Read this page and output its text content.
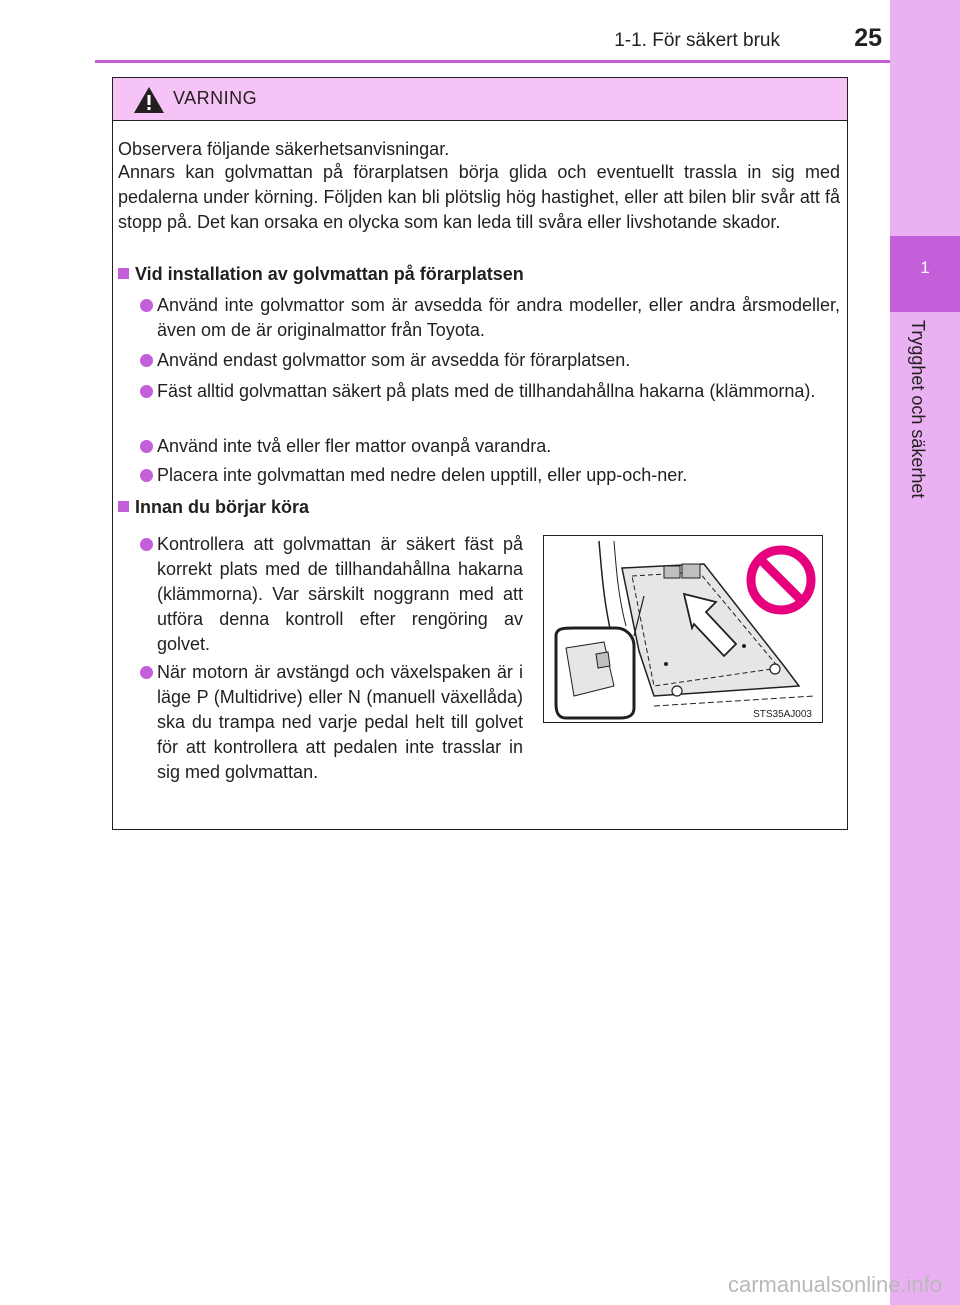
1
Trygghet och säkerhet
1-1. För säkert bruk	25
VARNING
Observera följande säkerhetsanvisningar.
Annars kan golvmattan på förarplatsen börja glida och eventuellt trassla in sig med pedalerna under körning. Följden kan bli plötslig hög hastighet, eller att bilen blir svår att få stopp på. Det kan orsaka en olycka som kan leda till svåra eller livshotande skador.
Vid installation av golvmattan på förarplatsen
Använd inte golvmattor som är avsedda för andra modeller, eller andra årsmodeller, även om de är originalmattor från Toyota.
Använd endast golvmattor som är avsedda för förarplatsen.
Fäst alltid golvmattan säkert på plats med de tillhandahållna hakarna (klämmorna).
Använd inte två eller fler mattor ovanpå varandra.
Placera inte golvmattan med nedre delen upptill, eller upp-och-ner.
Innan du börjar köra
Kontrollera att golvmattan är säkert fäst på korrekt plats med de tillhandahållna hakarna (klämmorna). Var särskilt noggrann med att utföra denna kontroll efter rengöring av golvet.
När motorn är avstängd och växelspaken är i läge P (Multidrive) eller N (manuell växellåda) ska du trampa ned varje pedal helt till golvet för att kontrollera att pedalen inte trasslar in sig med golvmattan.
STS35AJ003
carmanualsonline.info
